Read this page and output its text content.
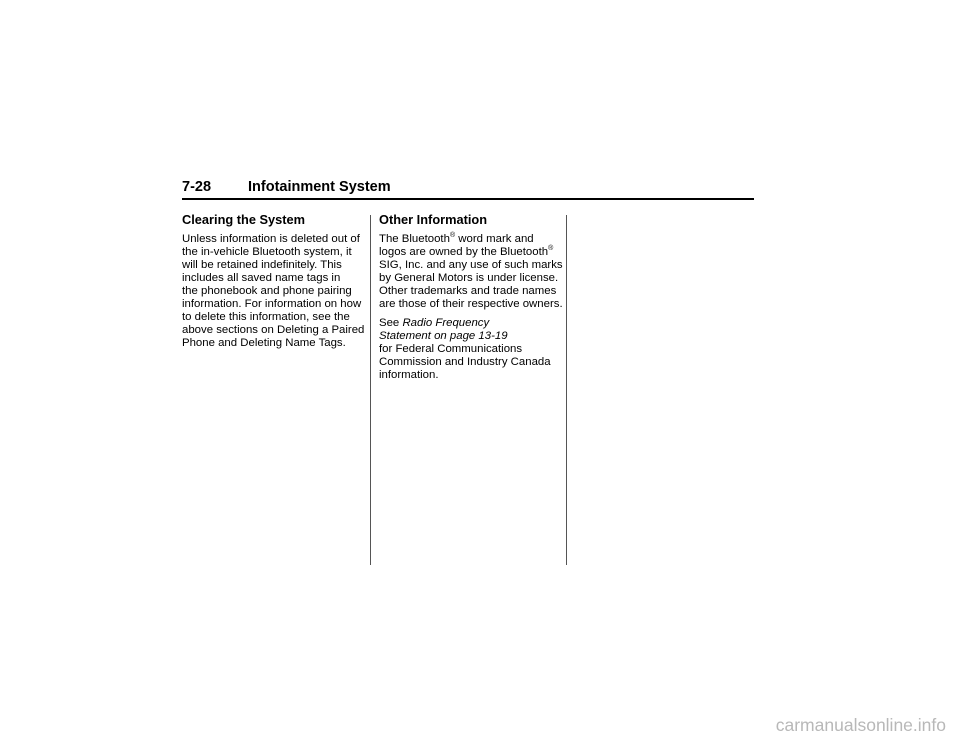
7-28	Infotainment System
Clearing the System
Unless information is deleted out of
the in-vehicle Bluetooth system, it
will be retained indefinitely. This
includes all saved name tags in
the phonebook and phone pairing
information. For information on how
to delete this information, see the
above sections on Deleting a Paired
Phone and Deleting Name Tags.
Other Information
The Bluetooth® word mark and
logos are owned by the Bluetooth®
SIG, Inc. and any use of such marks
by General Motors is under license.
Other trademarks and trade names
are those of their respective owners.
See Radio Frequency
Statement on page 13-19
for Federal Communications
Commission and Industry Canada
information.
carmanualsonline.info
